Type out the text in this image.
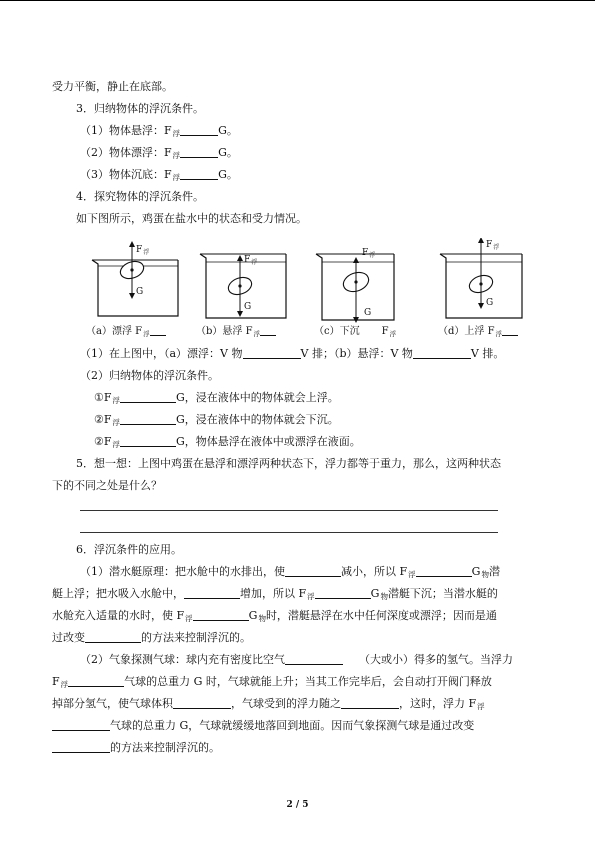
受力平衡，静止在底部。
3．归纳物体的浮沉条件。
（1）物体悬浮：$F_浮$	G。
（2）物体漂浮：$F_浮$	G。
（3）物体沉底：$F_浮$	G。
4．探究物体的浮沉条件。
如下图所示，鸡蛋在盐水中的状态和受力情况。
$F_浮$
G
$F_浮$
G
$F_浮$
G
$F_浮$
G
（a）漂浮 $F_浮$	（b）悬浮 $F_浮$	（c）下沉 $F_浮$	（d）上浮 $F_浮$
（1）在上图中，（a）漂浮：V 物	V 排；（b）悬浮：V 物	V 排。
（2）归纳物体的浮沉条件。
$①F_浮$	G，浸在液体中的物体就会上浮。
$②F_浮$	G，浸在液体中的物体就会下沉。
$②F_浮$	G，物体悬浮在液体中或漂浮在液面。
5．想一想：上图中鸡蛋在悬浮和漂浮两种状态下，浮力都等于重力，那么，这两种状态
下的不同之处是什么？
6．浮沉条件的应用。
（1）潜水艇原理：把水舱中的水排出，使	减小，所以 $F_浮$	$G_物$潜
艇上浮；把水吸入水舱中，	增加，所以 $F_浮$	$G_物$潜艇下沉；当潜水艇的
水舱充入适量的水时，使 $F_浮$	$G_物$时，潜艇悬浮在水中任何深度或漂浮；因而是通
过改变	的方法来控制浮沉的。
（2）气象探测气球：球内充有密度比空气	（大或小）得多的氢气。当浮力
$F_浮$	气球的总重力 G 时，气球就能上升；当其工作完毕后，会自动打开阀门释放
掉部分氢气，使气球体积	，气球受到的浮力随之	，这时，浮力 $F_浮$
气球的总重力 G，气球就缓缓地落回到地面。因而气象探测气球是通过改变
的方法来控制浮沉的。
2 / 5
